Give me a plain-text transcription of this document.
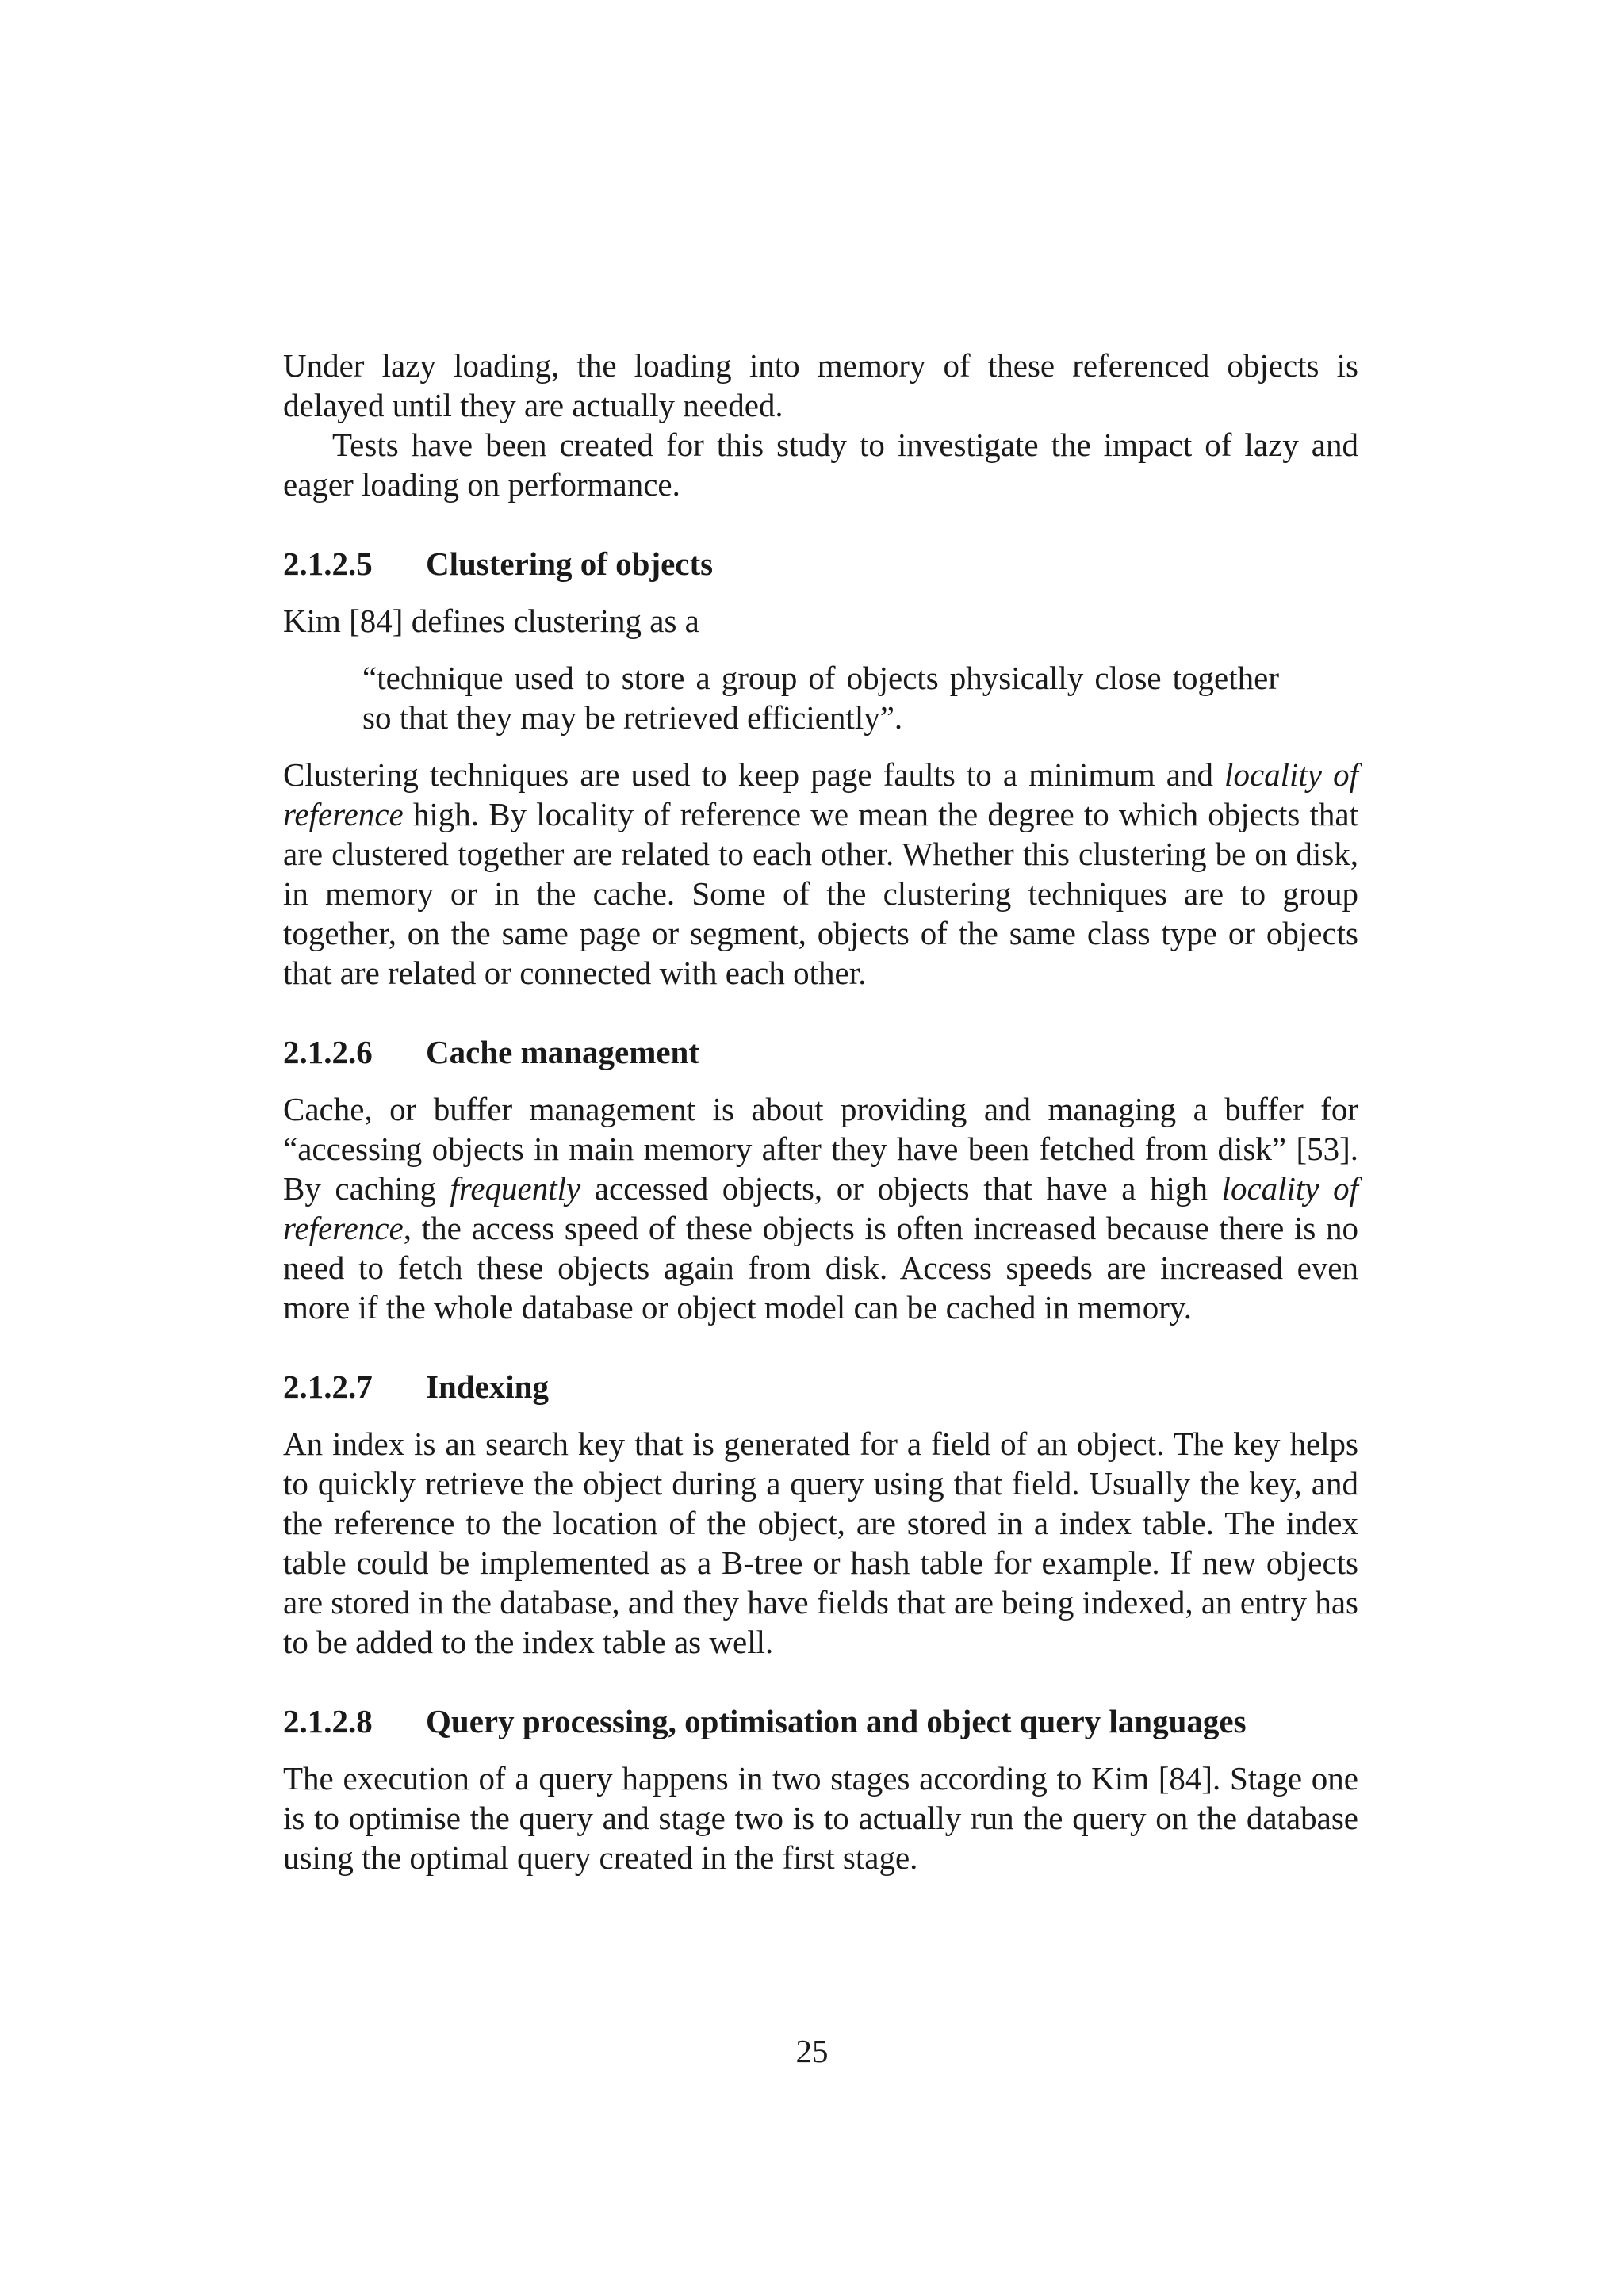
Under lazy loading, the loading into memory of these referenced objects is delayed until they are actually needed.

Tests have been created for this study to investigate the impact of lazy and eager loading on performance.

2.1.2.5	Clustering of objects

Kim [84] defines clustering as a

“technique used to store a group of objects physically close together so that they may be retrieved efficiently”.

Clustering techniques are used to keep page faults to a minimum and locality of reference high. By locality of reference we mean the degree to which objects that are clustered together are related to each other. Whether this clustering be on disk, in memory or in the cache. Some of the clustering techniques are to group together, on the same page or segment, objects of the same class type or objects that are related or connected with each other.

2.1.2.6	Cache management

Cache, or buffer management is about providing and managing a buffer for “accessing objects in main memory after they have been fetched from disk” [53]. By caching frequently accessed objects, or objects that have a high locality of reference, the access speed of these objects is often increased because there is no need to fetch these objects again from disk. Access speeds are increased even more if the whole database or object model can be cached in memory.

2.1.2.7	Indexing

An index is an search key that is generated for a field of an object. The key helps to quickly retrieve the object during a query using that field. Usually the key, and the reference to the location of the object, are stored in a index table. The index table could be implemented as a B-tree or hash table for example. If new objects are stored in the database, and they have fields that are being indexed, an entry has to be added to the index table as well.

2.1.2.8	Query processing, optimisation and object query languages

The execution of a query happens in two stages according to Kim [84]. Stage one is to optimise the query and stage two is to actually run the query on the database using the optimal query created in the first stage.

25
